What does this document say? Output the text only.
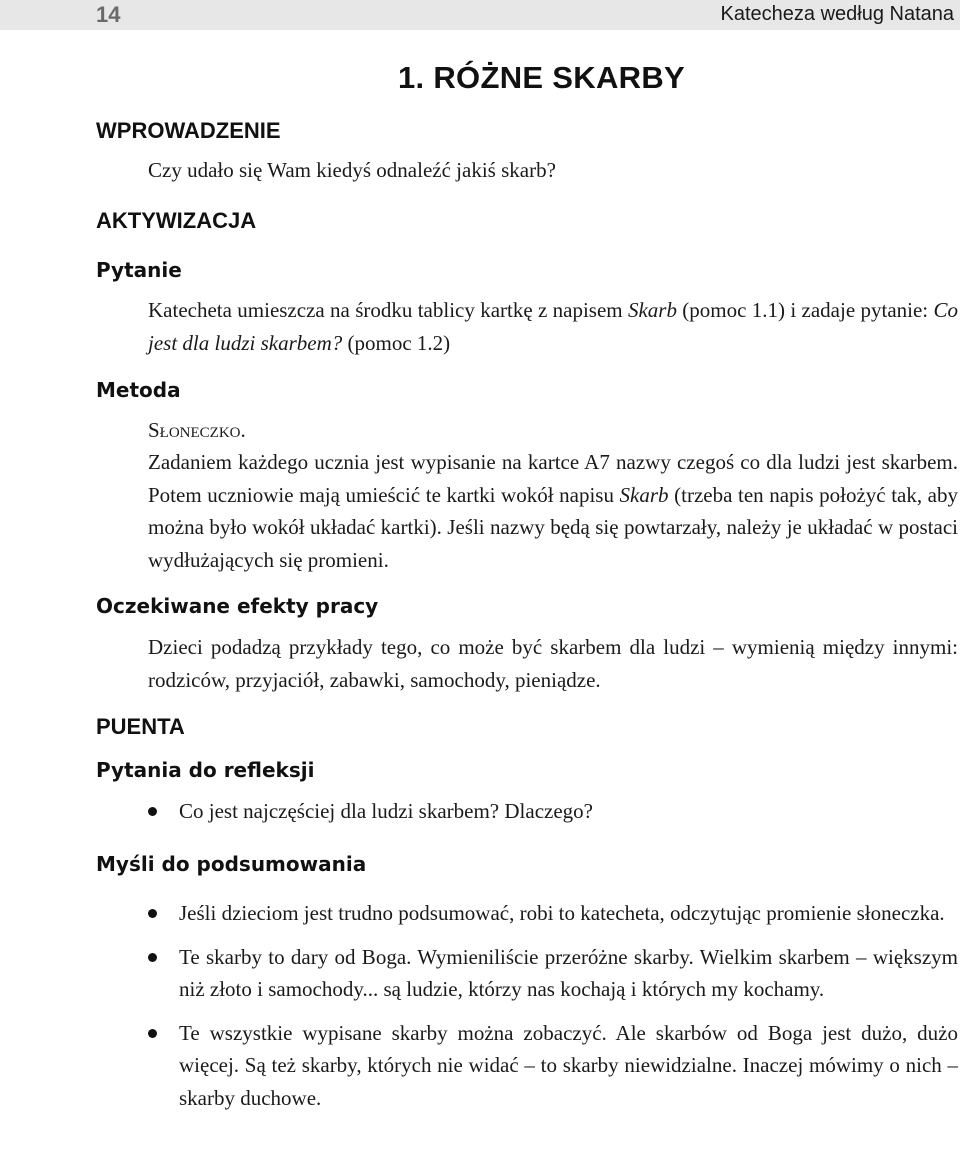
14	Katecheza według Natana
1. RÓŻNE SKARBY
WPROWADZENIE

Czy udało się Wam kiedyś odnaleźć jakiś skarb?

AKTYWIZACJA
Pytanie

Katecheta umieszcza na środku tablicy kartkę z napisem Skarb (pomoc 1.1) i zadaje pytanie: Co jest dla ludzi skarbem? (pomoc 1.2)

Metoda

Słoneczko.

Zadaniem każdego ucznia jest wypisanie na kartce A7 nazwy czegoś co dla ludzi jest skarbem. Potem uczniowie mają umieścić te kartki wokół napisu Skarb (trzeba ten napis położyć tak, aby można było wokół układać kartki). Jeśli nazwy będą się powtarzały, należy je układać w postaci wydłużających się promieni.

Oczekiwane efekty pracy

Dzieci podadzą przykłady tego, co może być skarbem dla ludzi – wymienią między innymi: rodziców, przyjaciół, zabawki, samochody, pieniądze.

PUENTA
Pytania do refleksji
Co jest najczęściej dla ludzi skarbem? Dlaczego?
Myśli do podsumowania
Jeśli dzieciom jest trudno podsumować, robi to katecheta, odczytując promienie słoneczka.
Te skarby to dary od Boga. Wymieniliście przeróżne skarby. Wielkim skarbem – większym niż złoto i samochody... są ludzie, którzy nas kochają i których my kochamy.
Te wszystkie wypisane skarby można zobaczyć. Ale skarbów od Boga jest dużo, dużo więcej. Są też skarby, których nie widać – to skarby niewidzialne. Inaczej mówimy o nich – skarby duchowe.
